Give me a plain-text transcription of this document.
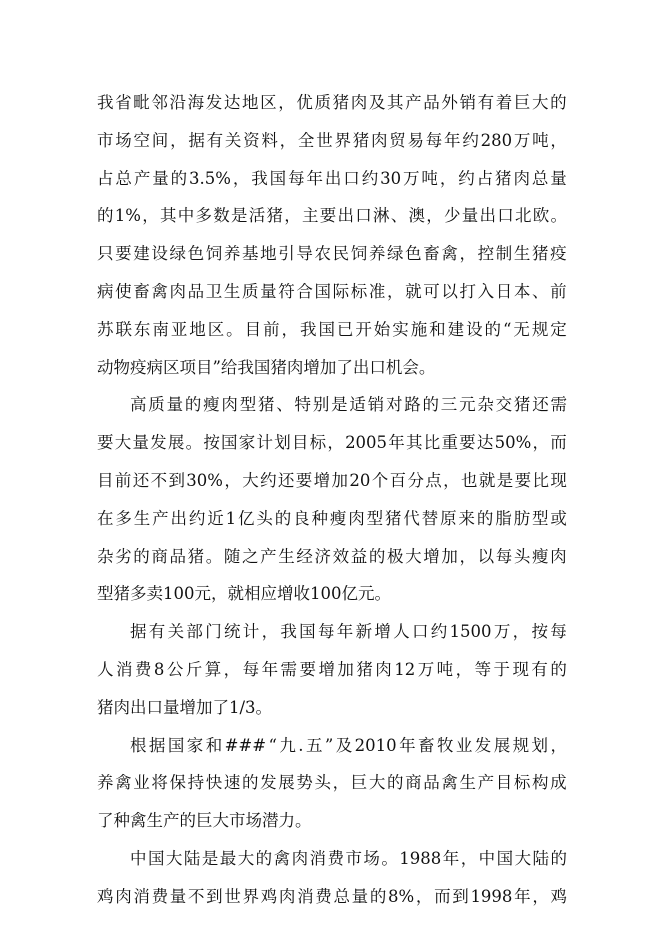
我 省 毗 邻 沿 海 发 达 地 区 ， 优 质 猪 肉 及 其 产 品 外 销 有 着 巨 大 的
市 场 空 间 ， 据 有 关 资 料 ， 全 世 界 猪 肉 贸 易 每 年 约 280 万 吨 ，
占 总 产 量 的 3.5% ， 我 国 每 年 出 口 约 30 万 吨 ， 约 占 猪 肉 总 量
的 1% ， 其 中 多 数 是 活 猪 ， 主 要 出 口 淋 、 澳 ， 少 量 出 口 北 欧 。
只 要 建 设 绿 色 饲 养 基 地 引 导 农 民 饲 养 绿 色 畜 禽 ， 控 制 生 猪 疫
病 使 畜 禽 肉 品 卫 生 质 量 符 合 国 际 标 准 ， 就 可 以 打 入 日 本 、 前
苏 联 东 南 亚 地 区 。 目 前 ， 我 国 已 开 始 实 施 和 建 设 的 “ 无 规 定
动物疫病区项目”给我国猪肉增加了出口机会。
高 质 量 的 瘦 肉 型 猪 、 特 别 是 适 销 对 路 的 三 元 杂 交 猪 还 需
要 大 量 发 展 。 按 国 家 计 划 目 标 ， 2005 年 其 比 重 要 达 50% ， 而
目 前 还 不 到 30% ， 大 约 还 要 增 加 20 个 百 分 点 ， 也 就 是 要 比 现
在 多 生 产 出 约 近 1 亿 头 的 良 种 瘦 肉 型 猪 代 替 原 来 的 脂 肪 型 或
杂 劣 的 商 品 猪 。 随 之 产 生 经 济 效 益 的 极 大 增 加 ， 以 每 头 瘦 肉
型猪多卖100元，就相应增收100亿元。
据 有 关 部 门 统 计 ， 我 国 每 年 新 增 人 口 约 1500 万 ， 按 每
人 消 费 8 公 斤 算 ， 每 年 需 要 增 加 猪 肉 12 万 吨 ， 等 于 现 有 的
猪肉出口量增加了1/3。
根 据 国 家 和 ### “ 九 . 五 ” 及 2010 年 畜 牧 业 发 展 规 划 ，
养 禽 业 将 保 持 快 速 的 发 展 势 头 ， 巨 大 的 商 品 禽 生 产 目 标 构 成
了种禽生产的巨大市场潜力。
中 国 大 陆 是 最 大 的 禽 肉 消 费 市 场 。 1988 年 ， 中 国 大 陆 的
鸡 肉 消 费 量 不 到 世 界 鸡 肉 消 费 总 量 的 8% ， 而 到 1998 年 ， 鸡
